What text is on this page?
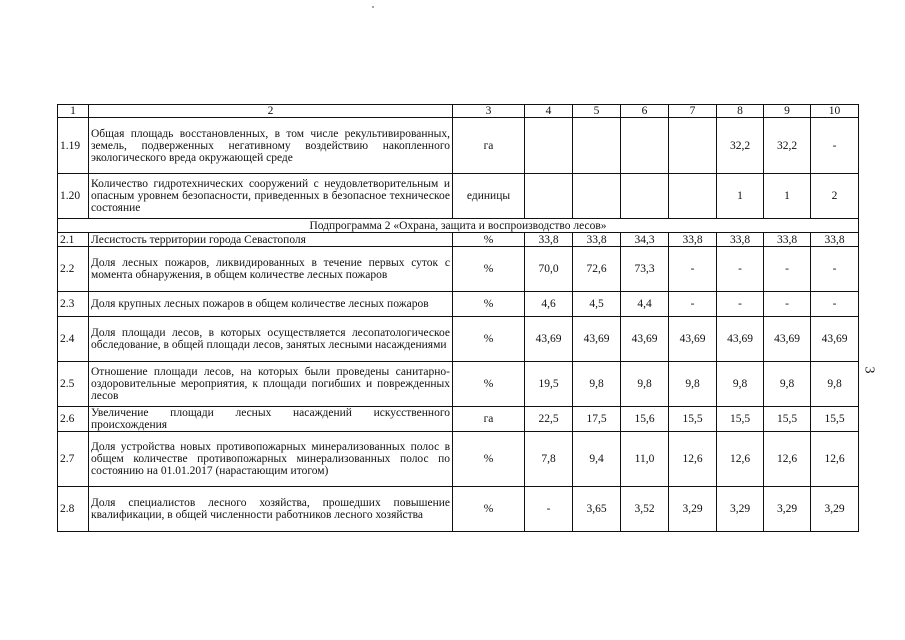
1	2	3	4	5	6	7	8	9	10
1.19	Общая площадь восстановленных, в том числе рекультивированных, земель, подверженных негативному воздействию накопленного экологического вреда окружающей среде	га					32,2	32,2	-
1.20	Количество гидротехнических сооружений с неудовлетворительным и опасным уровнем безопасности, приведенных в безопасное техническое состояние	единицы					1	1	2
Подпрограмма 2 «Охрана, защита и воспроизводство лесов»									
2.1	Лесистость территории города Севастополя	%	33,8	33,8	34,3	33,8	33,8	33,8	33,8
2.2	Доля лесных пожаров, ликвидированных в течение первых суток с момента обнаружения, в общем количестве лесных пожаров	%	70,0	72,6	73,3	-	-	-	-
2.3	Доля крупных лесных пожаров в общем количестве лесных пожаров	%	4,6	4,5	4,4	-	-	-	-
2.4	Доля площади лесов, в которых осуществляется лесопатологическое обследование, в общей площади лесов, занятых лесными насаждениями	%	43,69	43,69	43,69	43,69	43,69	43,69	43,69
2.5	Отношение площади лесов, на которых были проведены санитарно-оздоровительные мероприятия, к площади погибших и поврежденных лесов	%	19,5	9,8	9,8	9,8	9,8	9,8	9,8
2.6	Увеличение площади лесных насаждений искусственного происхождения	га	22,5	17,5	15,6	15,5	15,5	15,5	15,5
2.7	Доля устройства новых противопожарных минерализованных полос в общем количестве противопожарных минерализованных полос по состоянию на 01.01.2017 (нарастающим итогом)	%	7,8	9,4	11,0	12,6	12,6	12,6	12,6
2.8	Доля специалистов лесного хозяйства, прошедших повышение квалификации, в общей численности работников лесного хозяйства	%	-	3,65	3,52	3,29	3,29	3,29	3,29
3
